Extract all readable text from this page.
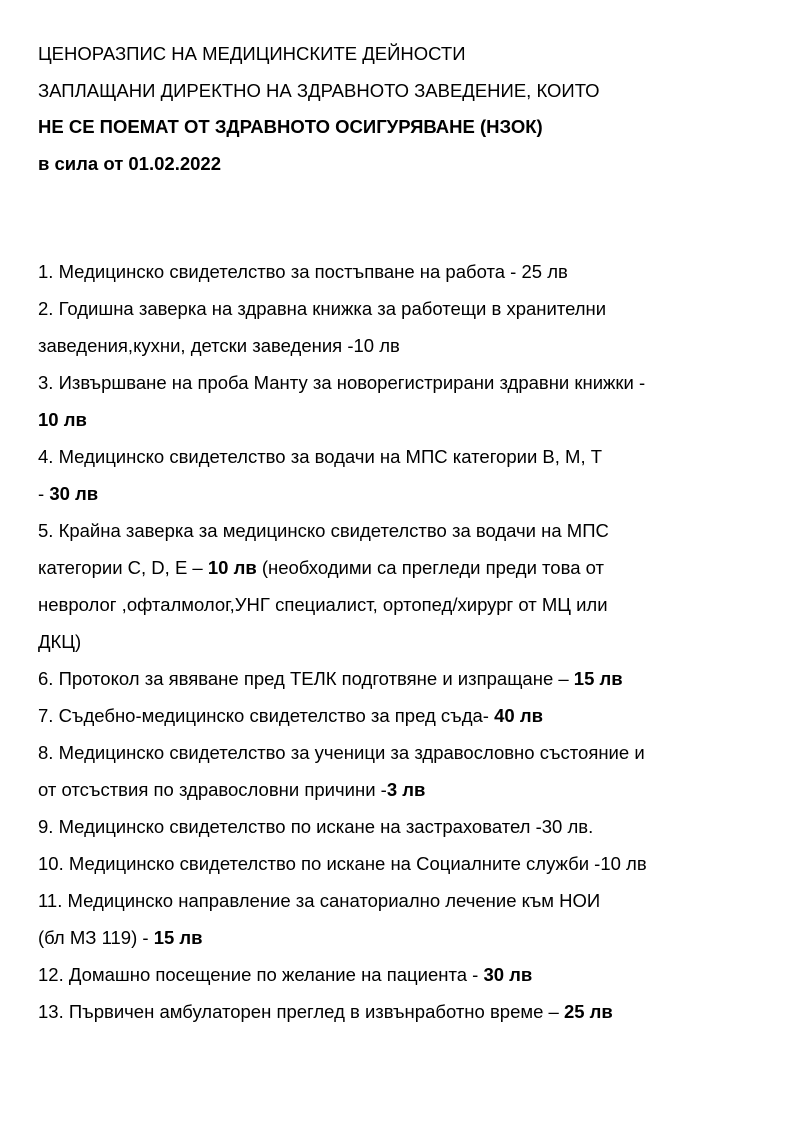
ЦЕНОРАЗПИС НА МЕДИЦИНСКИТЕ ДЕЙНОСТИ
ЗАПЛАЩАНИ ДИРЕКТНО НА ЗДРАВНОТО ЗАВЕДЕНИЕ, КОИТО
НЕ СЕ ПОЕМАТ ОТ ЗДРАВНОТО ОСИГУРЯВАНЕ (НЗОК)
в сила от 01.02.2022
1. Медицинско свидетелство за постъпване на работа - 25 лв
2. Годишна заверка на здравна книжка за работещи в хранителни
заведения,кухни, детски заведения -10 лв
3. Извършване на проба Манту за новорегистрирани здравни книжки -
10 лв
4. Медицинско свидетелство за водачи на МПС категории В, М, Т
- 30 лв
5. Крайна заверка за медицинско свидетелство за водачи на МПС
категории С, D, Е – 10 лв (необходими са прегледи преди това от
невролог ,офталмолог,УНГ специалист, ортопед/хирург от МЦ или
ДКЦ)
6. Протокол за явяване пред ТЕЛК подготвяне и изпращане – 15 лв
7. Съдебно-медицинско свидетелство за пред съда- 40 лв
8. Медицинско свидетелство за ученици за здравословно състояние и
от отсъствия по здравословни причини -3 лв
9. Медицинско свидетелство по искане на застраховател -30 лв.
10. Медицинско свидетелство по искане на Социалните служби -10 лв
11. Медицинско направление за санаториално лечение към НОИ
(бл МЗ 119) - 15 лв
12. Домашно посещение по желание на пациента - 30 лв
13. Първичен амбулаторен преглед в извънработно време – 25 лв
